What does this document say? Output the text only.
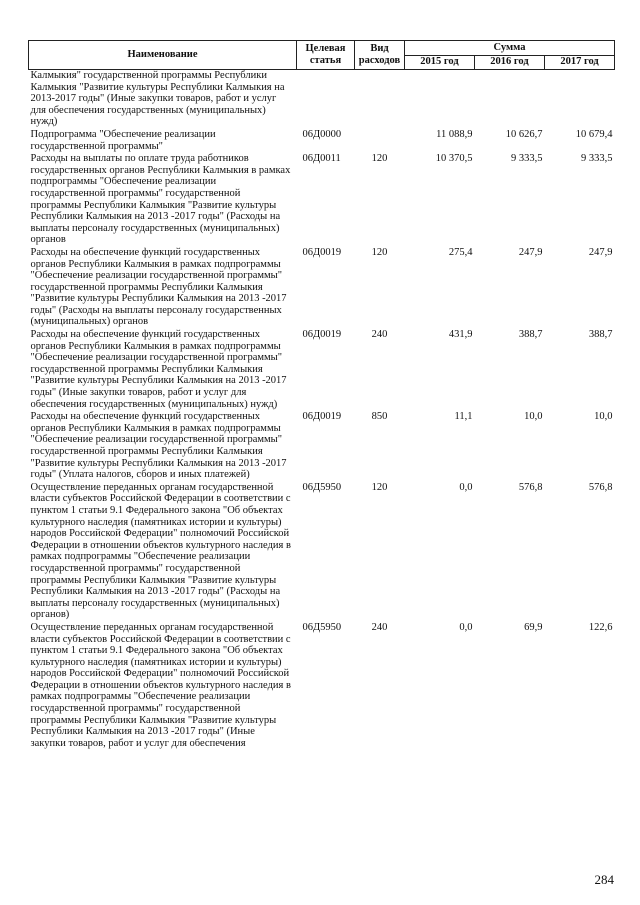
Наименование	Целевая статья	Вид расходов	Сумма		
			2015 год	2016 год	2017 год
Калмыкия" государственной программы Республики Калмыкия "Развитие культуры Республики Калмыкия на 2013-2017 годы" (Иные закупки товаров, работ и услуг для обеспечения государственных (муниципальных) нужд)					
Подпрограмма "Обеспечение реализации государственной программы"	06Д0000		11 088,9	10 626,7	10 679,4
Расходы на выплаты по оплате труда работников государственных органов Республики Калмыкия в рамках подпрограммы "Обеспечение реализации государственной программы" государственной программы Республики Калмыкия "Развитие культуры Республики Калмыкия на 2013 -2017 годы" (Расходы на выплаты персоналу государственных (муниципальных) органов	06Д0011	120	10 370,5	9 333,5	9 333,5
Расходы на обеспечение функций государственных органов Республики Калмыкия в рамках подпрограммы "Обеспечение реализации государственной программы" государственной программы Республики Калмыкия "Развитие культуры Республики Калмыкия на 2013 -2017 годы" (Расходы на выплаты персоналу государственных (муниципальных) органов	06Д0019	120	275,4	247,9	247,9
Расходы на обеспечение функций государственных органов Республики Калмыкия в рамках подпрограммы "Обеспечение реализации государственной программы" государственной программы Республики Калмыкия "Развитие культуры Республики Калмыкия на 2013 -2017 годы" (Иные закупки товаров, работ и услуг для обеспечения государственных (муниципальных) нужд)	06Д0019	240	431,9	388,7	388,7
Расходы на обеспечение функций государственных органов Республики Калмыкия в рамках подпрограммы "Обеспечение реализации государственной программы" государственной программы Республики Калмыкия "Развитие культуры Республики Калмыкия на 2013 -2017 годы" (Уплата налогов, сборов и иных платежей)	06Д0019	850	11,1	10,0	10,0
Осуществление переданных органам государственной власти субъектов Российской Федерации в соответствии с пунктом 1 статьи 9.1 Федерального закона "Об объектах культурного наследия (памятниках истории и культуры) народов Российской Федерации" полномочий Российской Федерации в отношении объектов культурного наследия в рамках подпрограммы "Обеспечение реализации государственной программы" государственной программы Республики Калмыкия "Развитие культуры Республики Калмыкия на 2013 -2017 годы" (Расходы на выплаты персоналу государственных (муниципальных) органов)	06Д5950	120	0,0	576,8	576,8
Осуществление переданных органам государственной власти субъектов Российской Федерации в соответствии с пунктом 1 статьи 9.1 Федерального закона "Об объектах культурного наследия (памятниках истории и культуры) народов Российской Федерации" полномочий Российской Федерации в отношении объектов культурного наследия в рамках подпрограммы "Обеспечение реализации государственной программы" государственной программы Республики Калмыкия "Развитие культуры Республики Калмыкия на 2013 -2017 годы" (Иные закупки товаров, работ и услуг для обеспечения	06Д5950	240	0,0	69,9	122,6
284
